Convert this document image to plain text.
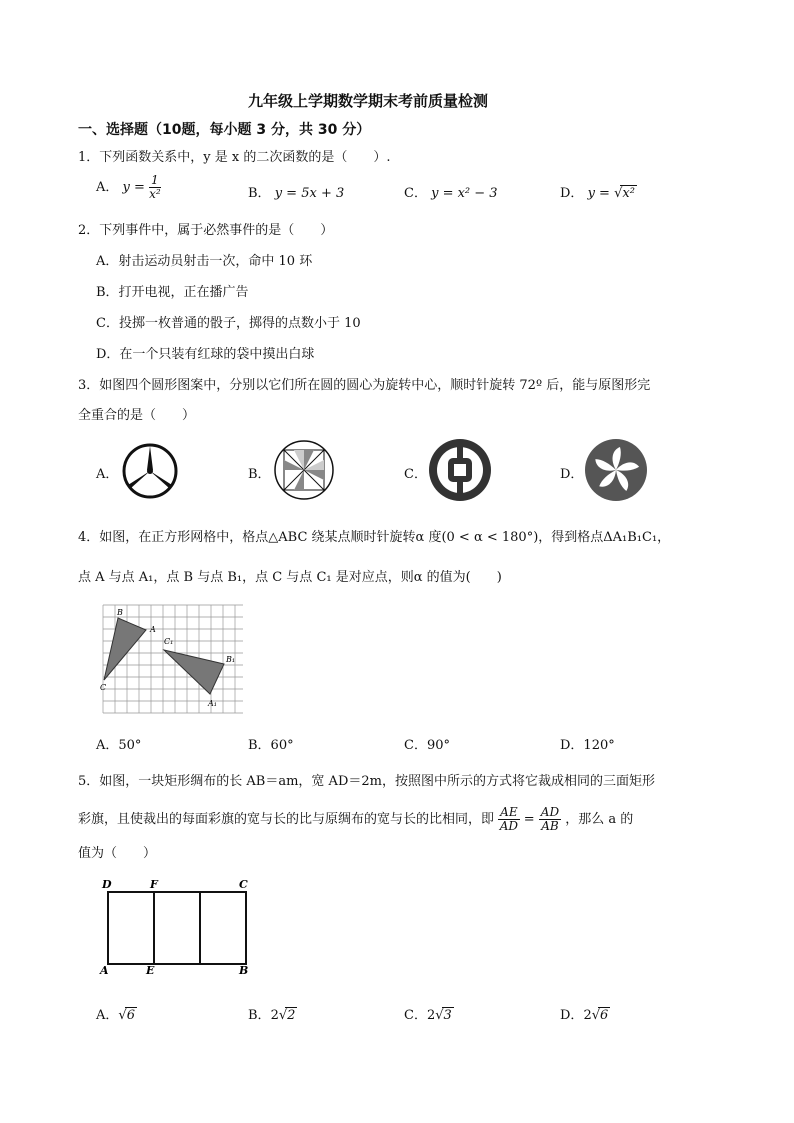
九年级上学期数学期末考前质量检测
一、选择题（10题，每小题 3 分，共 30 分）
1．下列函数关系中，y 是 x 的二次函数的是（　　）.
A． $y = \frac{1}{\text{x²}}$	B． y = 5x + 3	C． y = x² − 3	D． y = √x²
2．下列事件中，属于必然事件的是（　　）
A．射击运动员射击一次，命中 10 环
B．打开电视，正在播广告
C．投掷一枚普通的骰子，掷得的点数小于 10
D．在一个只装有红球的袋中摸出白球
3．如图四个圆形图案中，分别以它们所在圆的圆心为旋转中心，顺时针旋转 72º 后，能与原图形完
全重合的是（　　）
A．	B．	C．	D．
4．如图，在正方形网格中，格点△ABC 绕某点顺时针旋转α 度(0 < α < 180°)，得到格点ΔA₁B₁C₁，
点 A 与点 A₁，点 B 与点 B₁，点 C 与点 C₁ 是对应点，则α 的值为(　　)
B
A
C
C₁
B₁
A₁
A．50°	B．60°	C．90°	D．120°
5．如图，一块矩形绸布的长 AB＝am，宽 AD＝2m，按照图中所示的方式将它裁成相同的三面矩形
彩旗，且使裁出的每面彩旗的宽与长的比与原绸布的宽与长的比相同，即 $\frac{AE}{AD} = \frac{AD}{AB}$ ，那么 a 的
值为（　　）
D	F	C
A	E	B
A．√6	B．2√2	C．2√3	D．2√6
